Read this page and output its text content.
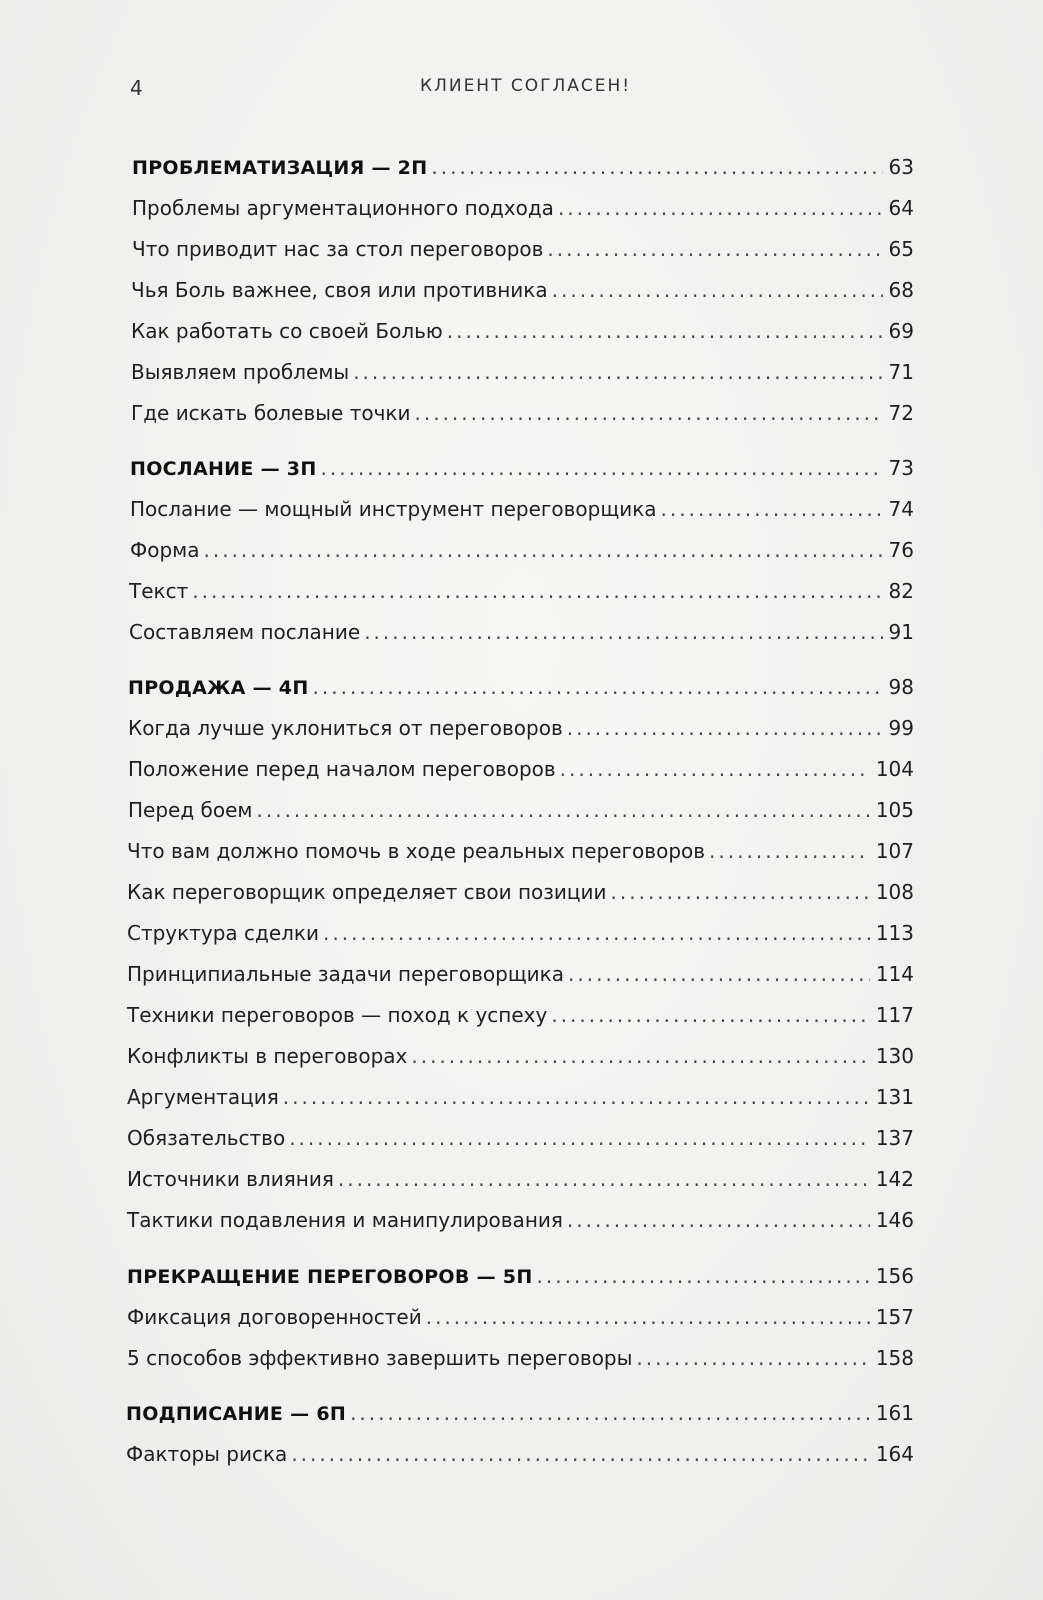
4	КЛИЕНТ СОГЛАСЕН!
ПРОБЛЕМАТИЗАЦИЯ — 2П .....	63
Проблемы аргументационного подхода .....	64
Что приводит нас за стол переговоров .....	65
Чья Боль важнее, своя или противника .....	68
Как работать со своей Болью .....	69
Выявляем проблемы .....	71
Где искать болевые точки .....	72
ПОСЛАНИЕ — 3П .....	73
Послание — мощный инструмент переговорщика .....	74
Форма .....	76
Текст .....	82
Составляем послание .....	91
ПРОДАЖА — 4П .....	98
Когда лучше уклониться от переговоров .....	99
Положение перед началом переговоров .....	104
Перед боем .....	105
Что вам должно помочь в ходе реальных переговоров .....	107
Как переговорщик определяет свои позиции .....	108
Структура сделки .....	113
Принципиальные задачи переговорщика .....	114
Техники переговоров — поход к успеху .....	117
Конфликты в переговорах .....	130
Аргументация .....	131
Обязательство .....	137
Источники влияния .....	142
Тактики подавления и манипулирования .....	146
ПРЕКРАЩЕНИЕ ПЕРЕГОВОРОВ — 5П .....	156
Фиксация договоренностей .....	157
5 способов эффективно завершить переговоры .....	158
ПОДПИСАНИЕ — 6П .....	161
Факторы риска .....	164
